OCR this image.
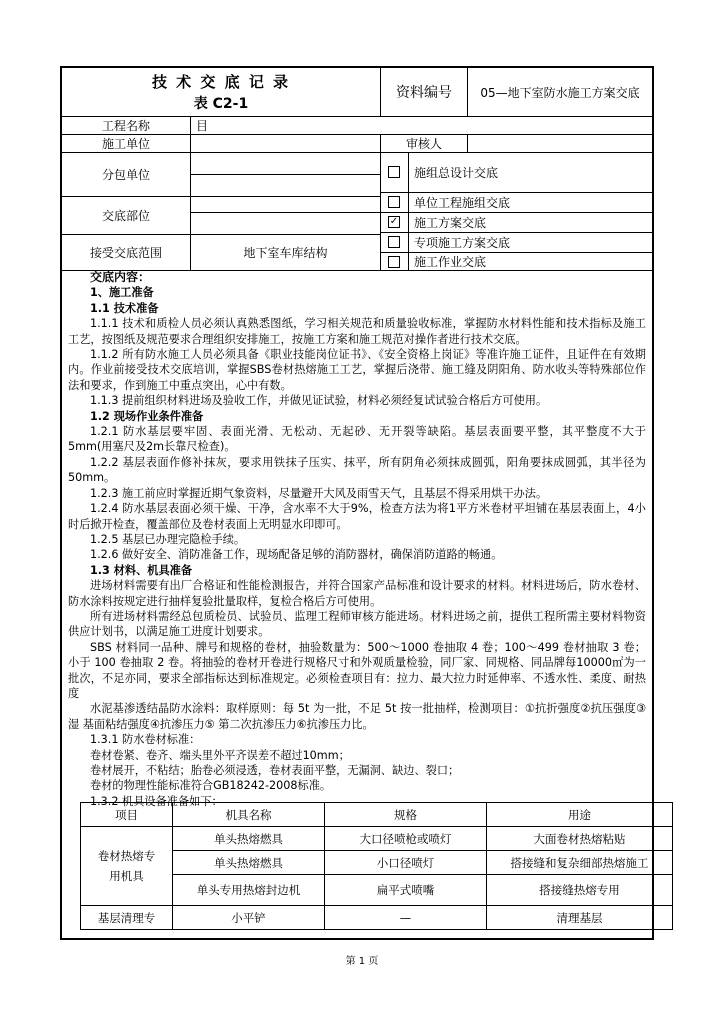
技 术 交 底 记 录
表 C2-1
资料编号	05—地下室防水施工方案交底
工程名称	目
施工单位	审核人
分包单位
交底部位
接受交底范围	地下室车库结构
施组总设计交底
单位工程施组交底
✓ 施工方案交底
专项施工方案交底
施工作业交底

交底内容：

1、施工准备

1.1 技术准备

1.1.1 技术和质检人员必须认真熟悉图纸，学习相关规范和质量验收标准，掌握防水材料性能和技术指标及施工工艺，按图纸及规范要求合理组织安排施工，按施工方案和施工规范对操作者进行技术交底。

1.1.2 所有防水施工人员必须具备《职业技能岗位证书》、《安全资格上岗证》等准许施工证件，且证件在有效期内。作业前接受技术交底培训，掌握SBS卷材热熔施工工艺，掌握后浇带、施工缝及阴阳角、防水收头等特殊部位作法和要求，作到施工中重点突出，心中有数。

1.1.3 提前组织材料进场及验收工作，并做见证试验，材料必须经复试试验合格后方可使用。

1.2 现场作业条件准备

1.2.1 防水基层要牢固、表面光滑、无松动、无起砂、无开裂等缺陷。基层表面要平整，其平整度不大于5mm(用塞尺及2m长靠尺检查)。

1.2.2 基层表面作修补抹灰，要求用铁抹子压实、抹平，所有阴角必须抹成圆弧，阳角要抹成圆弧，其半径为50mm。

1.2.3 施工前应时掌握近期气象资料，尽量避开大风及雨雪天气，且基层不得采用烘干办法。

1.2.4 防水基层表面必须干燥、干净，含水率不大于9%，检查方法为将1平方米卷材平坦铺在基层表面上，4小时后掀开检查，覆盖部位及卷材表面上无明显水印即可。

1.2.5 基层已办理完隐检手续。

1.2.6 做好安全、消防准备工作，现场配备足够的消防器材，确保消防道路的畅通。

1.3 材料、机具准备

进场材料需要有出厂合格证和性能检测报告，并符合国家产品标准和设计要求的材料。材料进场后，防水卷材、防水涂料按规定进行抽样复验批量取样，复检合格后方可使用。

所有进场材料需经总包质检员、试验员、监理工程师审核方能进场。材料进场之前，提供工程所需主要材料物资供应计划书，以满足施工进度计划要求。

SBS 材料同一品种、牌号和规格的卷材，抽验数量为：500～1000 卷抽取 4 卷；100～499 卷材抽取 3 卷；小于 100 卷抽取 2 卷。将抽验的卷材开卷进行规格尺寸和外观质量检验，同厂家、同规格、同品牌每10000㎡为一批次，不足亦同，要求全部指标达到标准规定。必须检查项目有：拉力、最大拉力时延伸率、不透水性、柔度、耐热度

水泥基渗透结晶防水涂料：取样原则：每 5t 为一批，不足 5t 按一批抽样，检测项目：①抗折强度②抗压强度③湿 基面粘结强度④抗渗压力⑤ 第二次抗渗压力⑥抗渗压力比。

1.3.1 防水卷材标准：

卷材卷紧、卷齐、端头里外平齐误差不超过10mm；

卷材展开，不粘结；胎卷必须浸透，卷材表面平整，无漏洞、缺边、裂口；

卷材的物理性能标准符合GB18242-2008标准。

1.3.2 机具设备准备如下：

项目	机具名称	规格	用途
卷材热熔专用机具	单头热熔燃具	大口径喷枪或喷灯	大面卷材热熔粘贴
	单头热熔燃具	小口径喷灯	搭接缝和复杂细部热熔施工
	单头专用热熔封边机	扁平式喷嘴	搭接缝热熔专用
基层清理专	小平铲	—	清理基层
第 1 页
